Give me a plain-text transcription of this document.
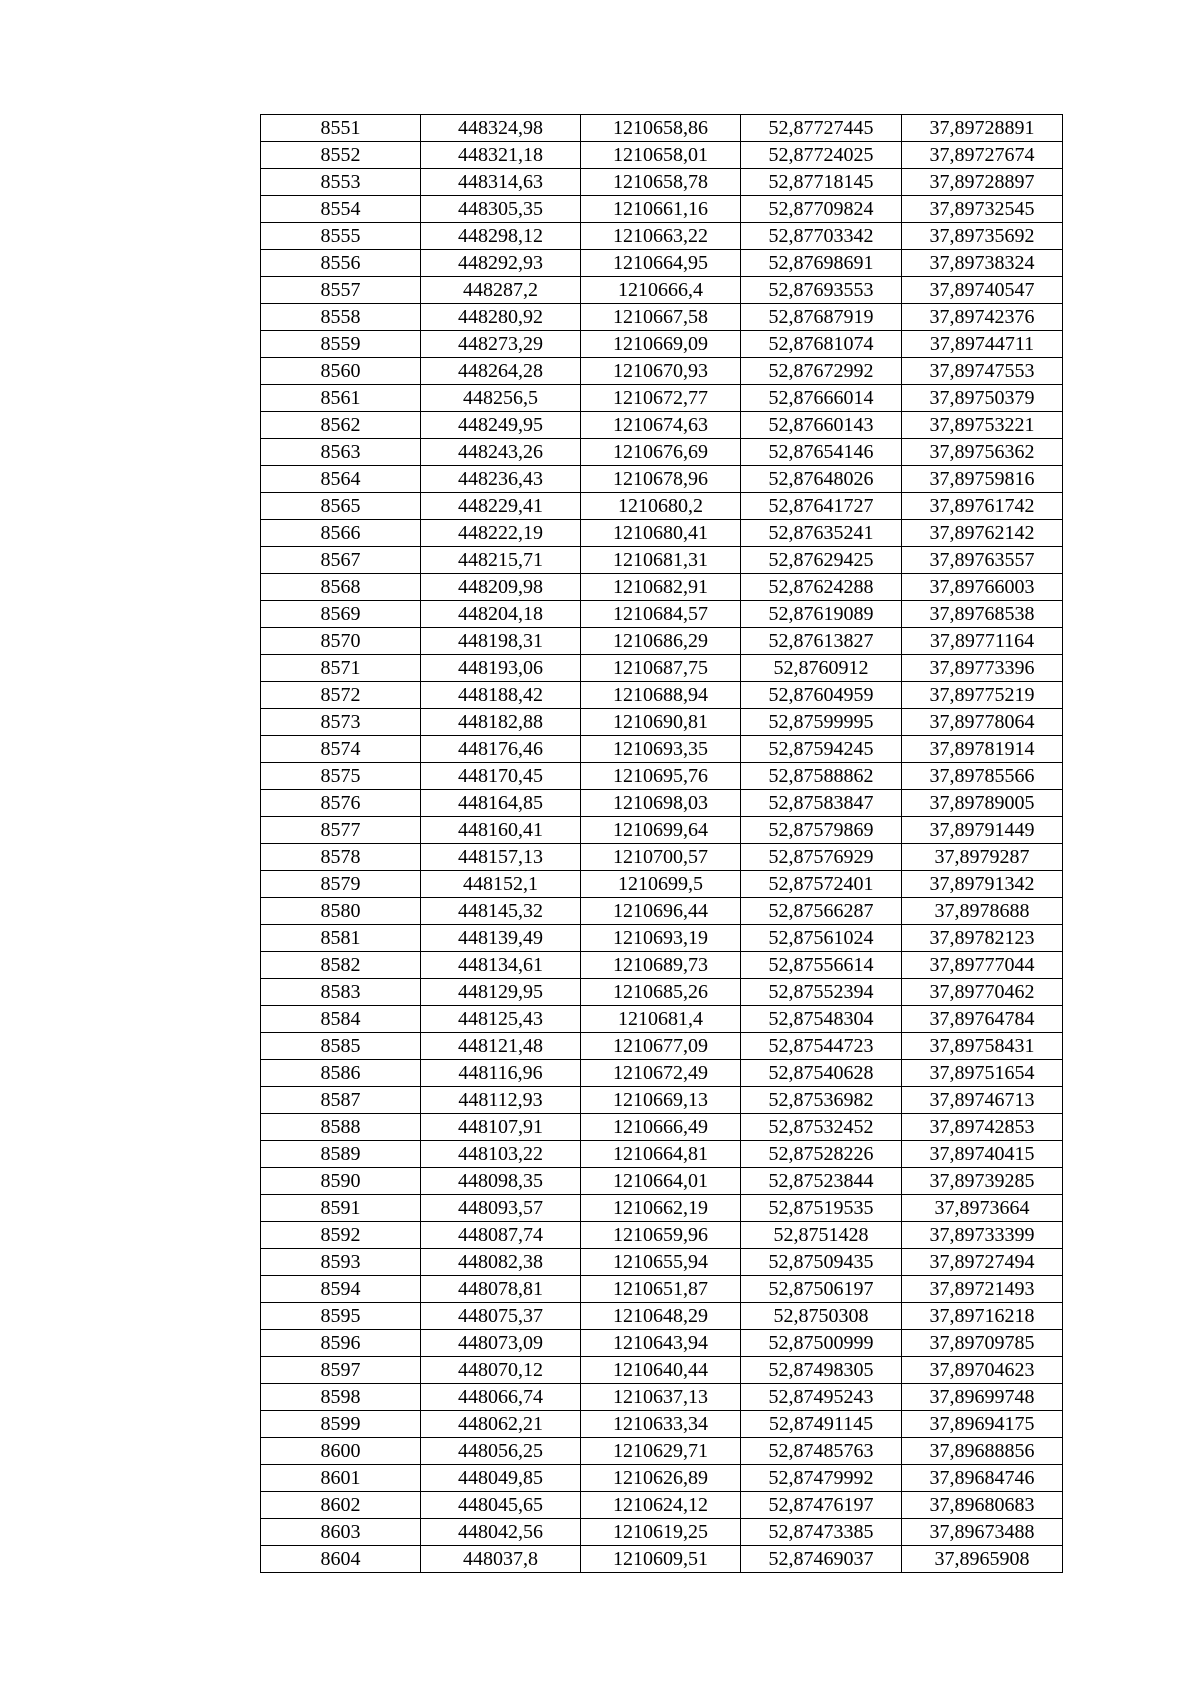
8551	448324,98	1210658,86	52,87727445	37,89728891
8552	448321,18	1210658,01	52,87724025	37,89727674
8553	448314,63	1210658,78	52,87718145	37,89728897
8554	448305,35	1210661,16	52,87709824	37,89732545
8555	448298,12	1210663,22	52,87703342	37,89735692
8556	448292,93	1210664,95	52,87698691	37,89738324
8557	448287,2	1210666,4	52,87693553	37,89740547
8558	448280,92	1210667,58	52,87687919	37,89742376
8559	448273,29	1210669,09	52,87681074	37,89744711
8560	448264,28	1210670,93	52,87672992	37,89747553
8561	448256,5	1210672,77	52,87666014	37,89750379
8562	448249,95	1210674,63	52,87660143	37,89753221
8563	448243,26	1210676,69	52,87654146	37,89756362
8564	448236,43	1210678,96	52,87648026	37,89759816
8565	448229,41	1210680,2	52,87641727	37,89761742
8566	448222,19	1210680,41	52,87635241	37,89762142
8567	448215,71	1210681,31	52,87629425	37,89763557
8568	448209,98	1210682,91	52,87624288	37,89766003
8569	448204,18	1210684,57	52,87619089	37,89768538
8570	448198,31	1210686,29	52,87613827	37,89771164
8571	448193,06	1210687,75	52,8760912	37,89773396
8572	448188,42	1210688,94	52,87604959	37,89775219
8573	448182,88	1210690,81	52,87599995	37,89778064
8574	448176,46	1210693,35	52,87594245	37,89781914
8575	448170,45	1210695,76	52,87588862	37,89785566
8576	448164,85	1210698,03	52,87583847	37,89789005
8577	448160,41	1210699,64	52,87579869	37,89791449
8578	448157,13	1210700,57	52,87576929	37,8979287
8579	448152,1	1210699,5	52,87572401	37,89791342
8580	448145,32	1210696,44	52,87566287	37,8978688
8581	448139,49	1210693,19	52,87561024	37,89782123
8582	448134,61	1210689,73	52,87556614	37,89777044
8583	448129,95	1210685,26	52,87552394	37,89770462
8584	448125,43	1210681,4	52,87548304	37,89764784
8585	448121,48	1210677,09	52,87544723	37,89758431
8586	448116,96	1210672,49	52,87540628	37,89751654
8587	448112,93	1210669,13	52,87536982	37,89746713
8588	448107,91	1210666,49	52,87532452	37,89742853
8589	448103,22	1210664,81	52,87528226	37,89740415
8590	448098,35	1210664,01	52,87523844	37,89739285
8591	448093,57	1210662,19	52,87519535	37,8973664
8592	448087,74	1210659,96	52,8751428	37,89733399
8593	448082,38	1210655,94	52,87509435	37,89727494
8594	448078,81	1210651,87	52,87506197	37,89721493
8595	448075,37	1210648,29	52,8750308	37,89716218
8596	448073,09	1210643,94	52,87500999	37,89709785
8597	448070,12	1210640,44	52,87498305	37,89704623
8598	448066,74	1210637,13	52,87495243	37,89699748
8599	448062,21	1210633,34	52,87491145	37,89694175
8600	448056,25	1210629,71	52,87485763	37,89688856
8601	448049,85	1210626,89	52,87479992	37,89684746
8602	448045,65	1210624,12	52,87476197	37,89680683
8603	448042,56	1210619,25	52,87473385	37,89673488
8604	448037,8	1210609,51	52,87469037	37,8965908
